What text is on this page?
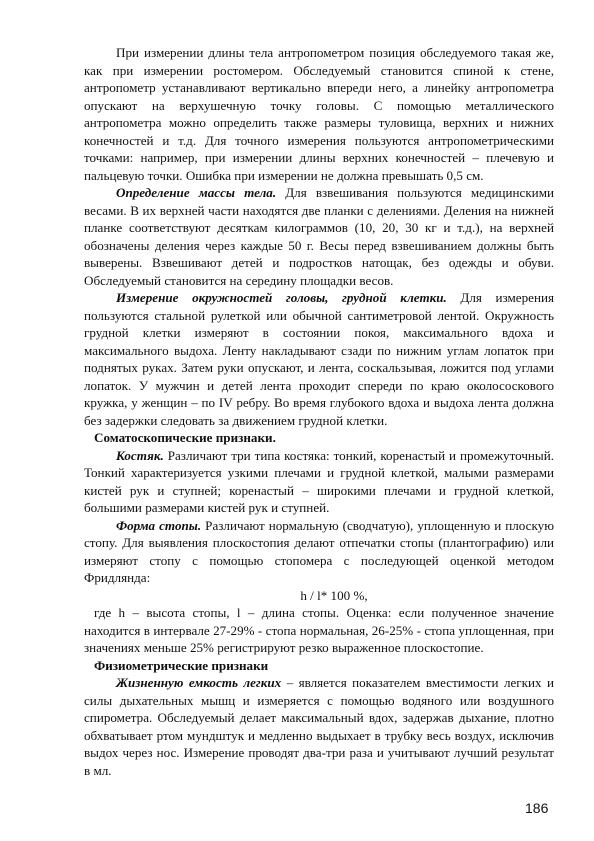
При измерении длины тела антропометром позиция обследуемого такая же, как при измерении ростомером. Обследуемый становится спиной к стене, антропометр устанавливают вертикально впереди него, а линейку антропометра опускают на верхушечную точку головы. С помощью металлического антропометра можно определить также размеры туловища, верхних и нижних конечностей и т.д. Для точного измерения пользуются антропометрическими точками: например, при измерении длины верхних конечностей – плечевую и пальцевую точки. Ошибка при измерении не должна превышать 0,5 см.

Определение массы тела. Для взвешивания пользуются медицинскими весами. В их верхней части находятся две планки с делениями. Деления на нижней планке соответствуют десяткам килограммов (10, 20, 30 кг и т.д.), на верхней обозначены деления через каждые 50 г. Весы перед взвешиванием должны быть выверены. Взвешивают детей и подростков натощак, без одежды и обуви. Обследуемый становится на середину площадки весов.

Измерение окружностей головы, грудной клетки. Для измерения пользуются стальной рулеткой или обычной сантиметровой лентой. Окружность грудной клетки измеряют в состоянии покоя, максимального вдоха и максимального выдоха. Ленту накладывают сзади по нижним углам лопаток при поднятых руках. Затем руки опускают, и лента, соскальзывая, ложится под углами лопаток. У мужчин и детей лента проходит спереди по краю околососкового кружка, у женщин – по IV ребру. Во время глубокого вдоха и выдоха лента должна без задержки следовать за движением грудной клетки.

Соматоскопические признаки.

Костяк. Различают три типа костяка: тонкий, коренастый и промежуточный. Тонкий характеризуется узкими плечами и грудной клеткой, малыми размерами кистей рук и ступней; коренастый – широкими плечами и грудной клеткой, большими размерами кистей рук и ступней.

Форма стопы. Различают нормальную (сводчатую), уплощенную и плоскую стопу. Для выявления плоскостопия делают отпечатки стопы (плантографию) или измеряют стопу с помощью стопомера с последующей оценкой методом Фридлянда:

h / l* 100 %,

где h – высота стопы, l – длина стопы. Оценка: если полученное значение находится в интервале 27-29% - стопа нормальная, 26-25% - стопа уплощенная, при значениях меньше 25% регистрируют резко выраженное плоскостопие.

Физиометрические признаки

Жизненную емкость легких – является показателем вместимости легких и силы дыхательных мышц и измеряется с помощью водяного или воздушного спирометра. Обследуемый делает максимальный вдох, задержав дыхание, плотно обхватывает ртом мундштук и медленно выдыхает в трубку весь воздух, исключив выдох через нос. Измерение проводят два-три раза и учитывают лучший результат в мл.

186
